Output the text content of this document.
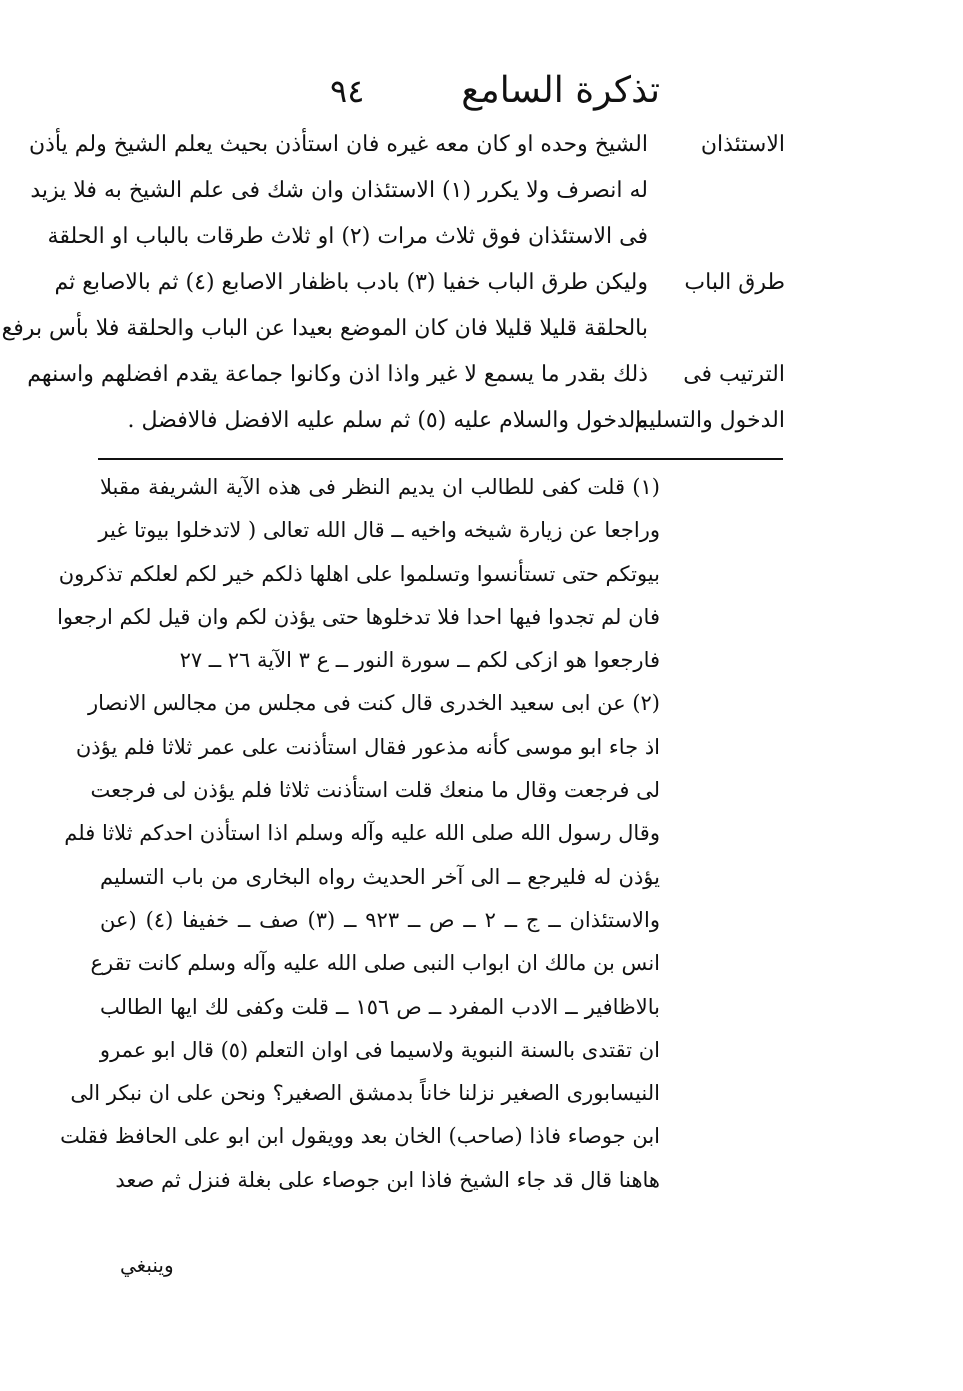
تذكرة السامع
٩٤
الاستئذان
الشيخ وحده او كان معه غيره فان استأذن بحيث يعلم الشيخ ولم يأذن
له انصرف ولا يكرر (١) الاستئذان وان شك فى علم الشيخ به فلا يزيد
فى الاستئذان فوق ثلاث مرات (٢) او ثلاث طرقات بالباب او الحلقة
طرق الباب
وليكن طرق الباب خفيا (٣) بادب باظفار الاصابع (٤) ثم بالاصابع ثم
بالحلقة قليلا قليلا فان كان الموضع بعيدا عن الباب والحلقة فلا بأس برفع
الترتيب فى
ذلك بقدر ما يسمع لا غير واذا اذن وكانوا جماعة يقدم افضلهم واسنهم
الدخول والتسليم
بالدخول والسلام عليه (٥) ثم سلم عليه الافضل فالافضل .
(١) قلت كفى للطالب ان يديم النظر فى هذه الآية الشريفة مقبلا
وراجعا عن زيارة شيخه واخيه ــ قال الله تعالى ( لاتدخلوا بيوتا غير
بيوتكم حتى تستأنسوا وتسلموا على اهلها ذلكم خير لكم لعلكم تذكرون
فان لم تجدوا فيها احدا فلا تدخلوها حتى يؤذن لكم وان قيل لكم ارجعوا
فارجعوا هو ازكى لكم ــ سورة النور ــ ع ٣ الآية ٢٦ ــ ٢٧
(٢) عن ابى سعيد الخدرى قال كنت فى مجلس من مجالس الانصار
اذ جاء ابو موسى كأنه مذعور فقال استأذنت على عمر ثلاثا فلم يؤذن
لى فرجعت وقال ما منعك قلت استأذنت ثلاثا فلم يؤذن لى فرجعت
وقال رسول الله صلى الله عليه وآله وسلم اذا استأذن احدكم ثلاثا فلم
يؤذن له فليرجع ــ الى آخر الحديث رواه البخارى من باب التسليم
والاستئذان ــ ج ــ ٢ ــ ص ــ ٩٢٣ ــ (٣) صف ــ خفيفا (٤) (عن
انس بن مالك ان ابواب النبى صلى الله عليه وآله وسلم كانت تقرع
بالاظافير ــ الادب المفرد ــ ص ١٥٦ ــ قلت وكفى لك ايها الطالب
ان تقتدى بالسنة النبوية ولاسيما فى اوان التعلم (٥) قال ابو عمرو
النيسابورى الصغير نزلنا خاناً بدمشق الصغير؟ ونحن على ان نبكر الى
ابن جوصاء فاذا (صاحب) الخان بعد وويقول ابن ابو على الحافظ فقلت
هاهنا قال قد جاء الشيخ فاذا ابن جوصاء على بغلة فنزل ثم صعد
وينبغي
